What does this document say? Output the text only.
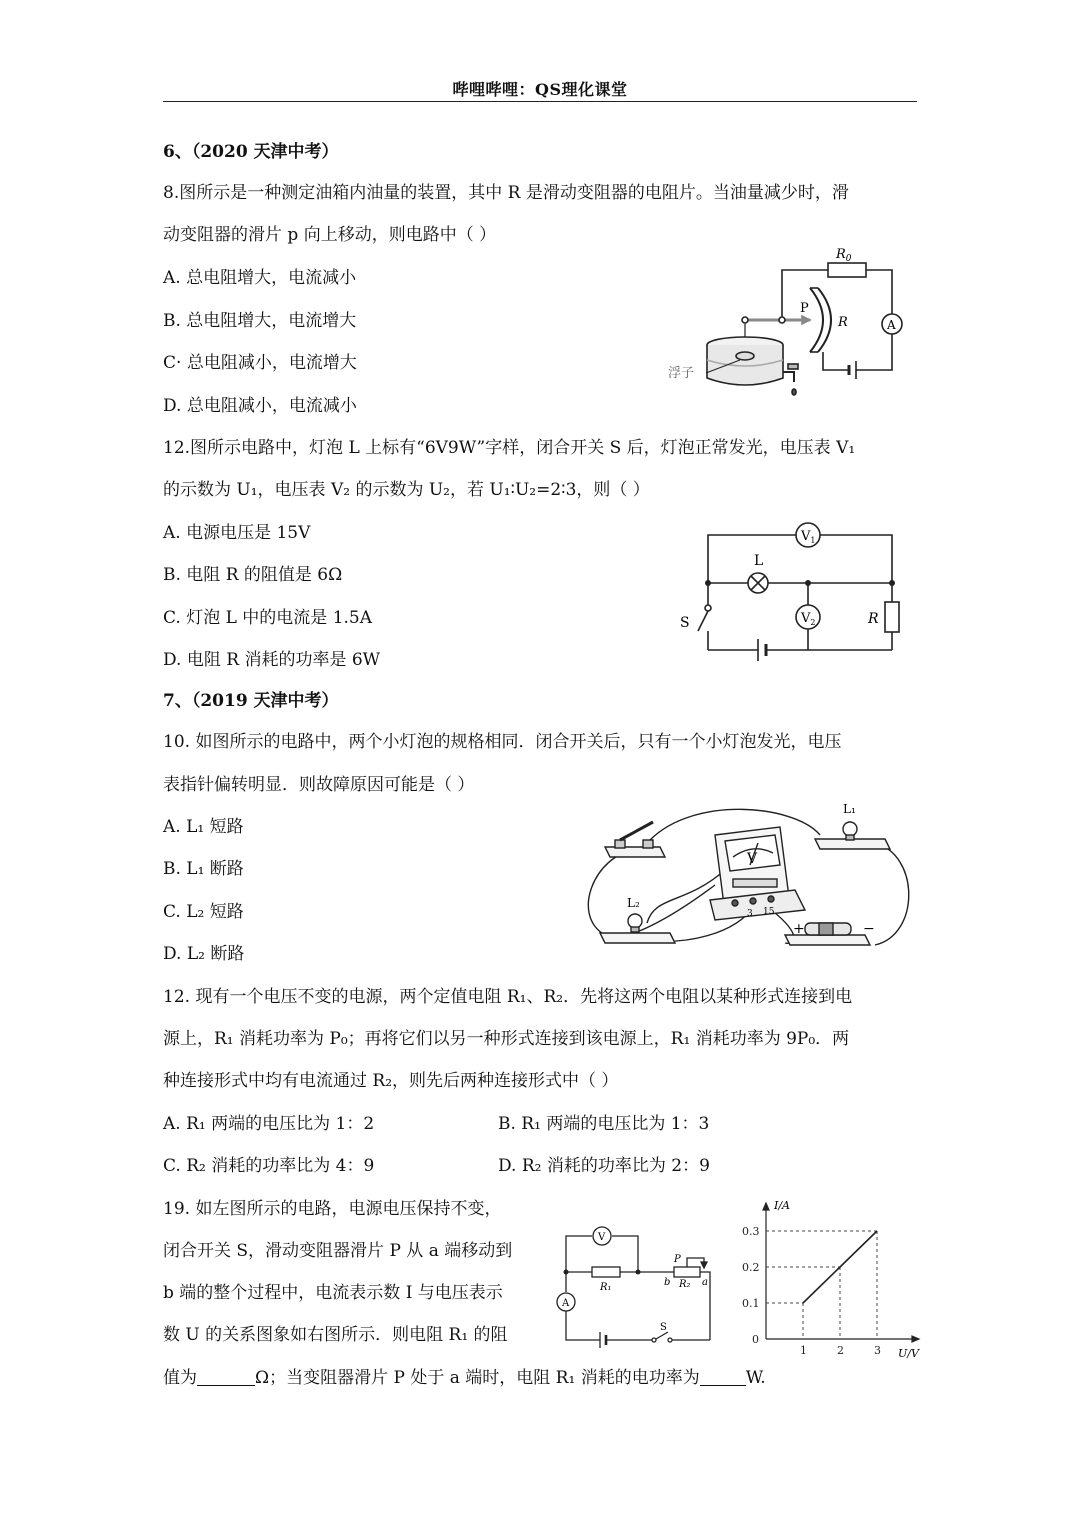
哔哩哔哩：QS理化课堂
6、（2020 天津中考）
8.图所示是一种测定油箱内油量的装置，其中 R 是滑动变阻器的电阻片。当油量减少时，滑
动变阻器的滑片 p 向上移动，则电路中（ ）
A. 总电阻增大，电流减小
B. 总电阻增大，电流增大
C· 总电阻减小，电流增大
D. 总电阻减小，电流减小
$R_0$
P
R	A
浮子
12.图所示电路中，灯泡 L 上标有“6V9W”字样，闭合开关 S 后，灯泡正常发光，电压表 V₁
的示数为 U₁，电压表 V₂ 的示数为 U₂，若 U₁∶U₂=2∶3，则（ ）
A. 电源电压是 15V
B. 电阻 R 的阻值是 6Ω
C. 灯泡 L 中的电流是 1.5A
D. 电阻 R 消耗的功率是 6W
$V_1$
$V_2$
L
S	R
7、（2019 天津中考）
10. 如图所示的电路中，两个小灯泡的规格相同．闭合开关后，只有一个小灯泡发光，电压
表指针偏转明显．则故障原因可能是（ ）
A. L₁ 短路
B. L₁ 断路
C. L₂ 短路
D. L₂ 断路
L₁
L₂
V
3 15
+	−
12. 现有一个电压不变的电源，两个定值电阻 R₁、R₂．先将这两个电阻以某种形式连接到电
源上，R₁ 消耗功率为 P₀；再将它们以另一种形式连接到该电源上，R₁ 消耗功率为 9P₀．两
种连接形式中均有电流通过 R₂，则先后两种连接形式中（ ）
A. R₁ 两端的电压比为 1：2	B. R₁ 两端的电压比为 1：3
C. R₂ 消耗的功率比为 4：9	D. R₂ 消耗的功率比为 2：9
19. 如左图所示的电路，电源电压保持不变，
闭合开关 S，滑动变阻器滑片 P 从 a 端移动到
b 端的整个过程中，电流表示数 I 与电压表示
数 U 的关系图象如右图所示．则电阻 R₁ 的阻
值为	Ω；当变阻器滑片 P 处于 a 端时，电阻 R₁ 消耗的电功率为	W.
V
A
R₁	R₂
P
b	a
S
0
1	2	3
0.1
0.2
0.3
I/A
U/V
